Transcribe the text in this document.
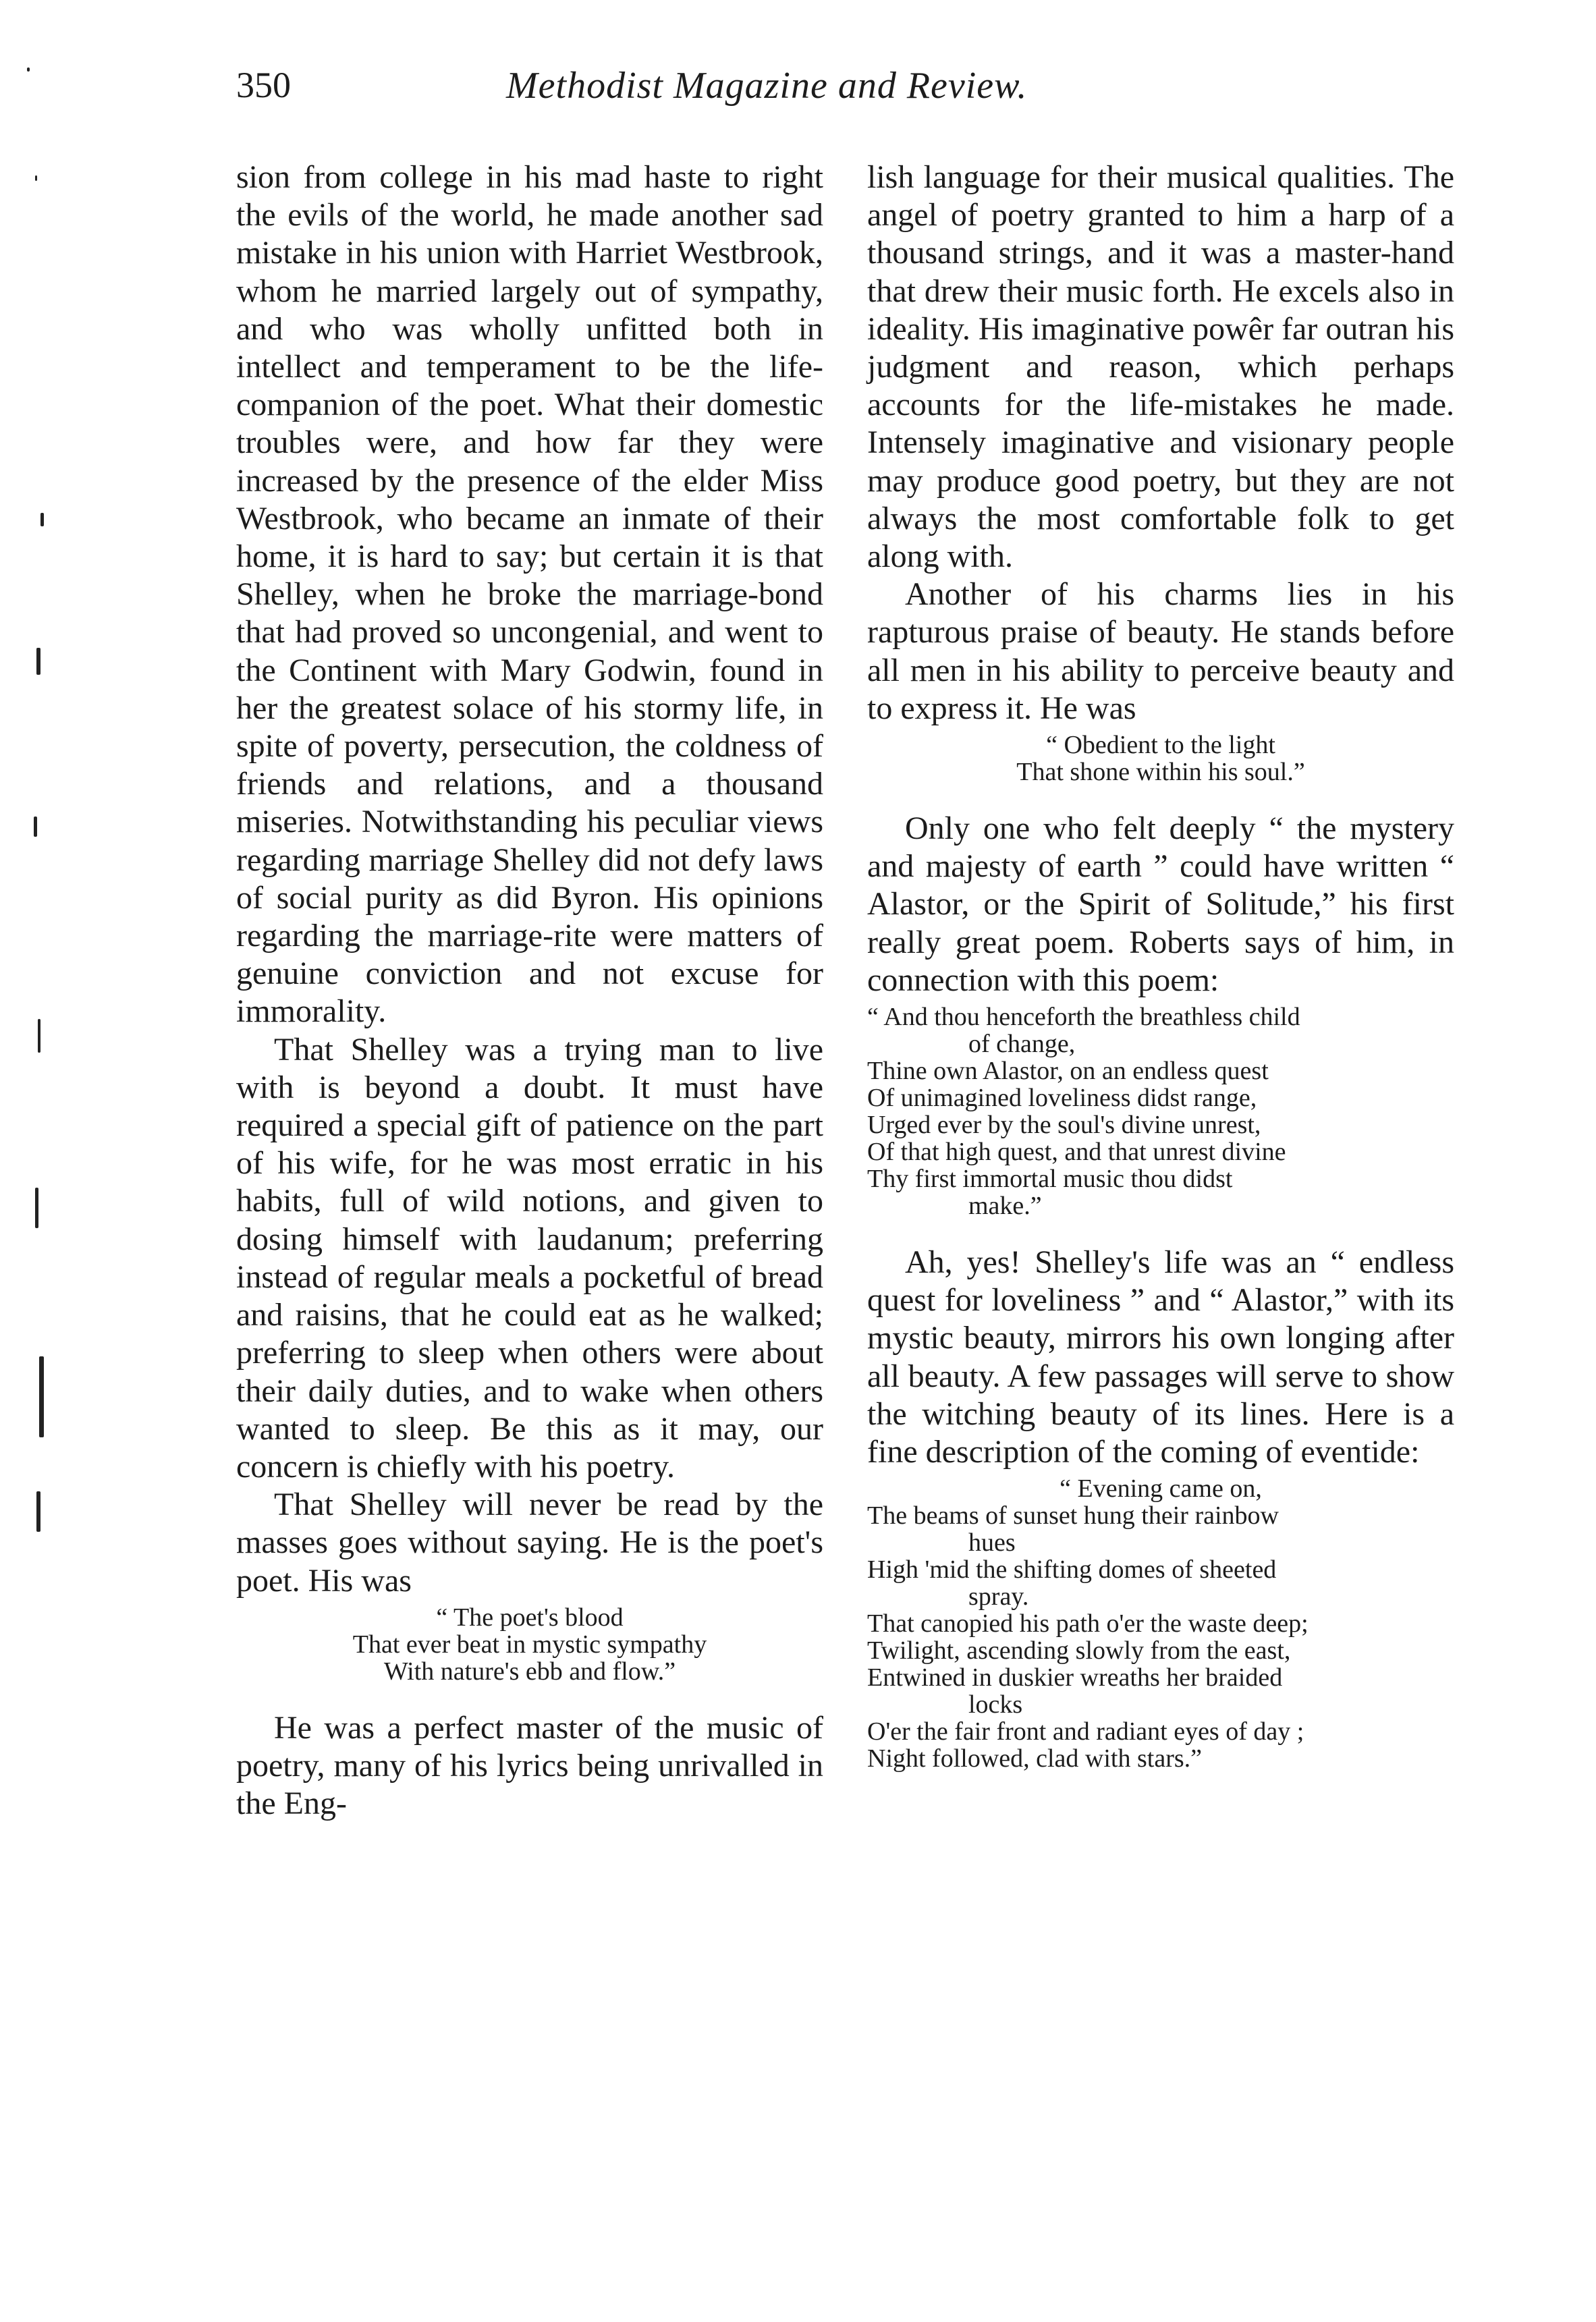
350	Methodist Magazine and Review.

sion from college in his mad haste to right the evils of the world, he made another sad mistake in his union with Harriet Westbrook, whom he married largely out of sympathy, and who was wholly unfitted both in intellect and temperament to be the life-companion of the poet. What their domestic troubles were, and how far they were increased by the presence of the elder Miss Westbrook, who became an inmate of their home, it is hard to say; but certain it is that Shelley, when he broke the marriage-bond that had proved so uncongenial, and went to the Continent with Mary Godwin, found in her the greatest solace of his stormy life, in spite of poverty, persecution, the coldness of friends and relations, and a thousand miseries. Notwithstanding his peculiar views regarding marriage Shelley did not defy laws of social purity as did Byron. His opinions regarding the marriage-rite were matters of genuine conviction and not excuse for immorality.

That Shelley was a trying man to live with is beyond a doubt. It must have required a special gift of patience on the part of his wife, for he was most erratic in his habits, full of wild notions, and given to dosing himself with laudanum; preferring instead of regular meals a pocketful of bread and raisins, that he could eat as he walked; preferring to sleep when others were about their daily duties, and to wake when others wanted to sleep. Be this as it may, our concern is chiefly with his poetry.

That Shelley will never be read by the masses goes without saying. He is the poet's poet. His was

“ The poet's blood
That ever beat in mystic sympathy
With nature's ebb and flow.”

He was a perfect master of the music of poetry, many of his lyrics being unrivalled in the Eng-

lish language for their musical qualities. The angel of poetry granted to him a harp of a thousand strings, and it was a master-hand that drew their music forth. He excels also in ideality. His imaginative powêr far outran his judgment and reason, which perhaps accounts for the life-mistakes he made. Intensely imaginative and visionary people may produce good poetry, but they are not always the most comfortable folk to get along with.

Another of his charms lies in his rapturous praise of beauty. He stands before all men in his ability to perceive beauty and to express it. He was

“ Obedient to the light
That shone within his soul.”

Only one who felt deeply “ the mystery and majesty of earth ” could have written “ Alastor, or the Spirit of Solitude,” his first really great poem. Roberts says of him, in connection with this poem:

“ And thou henceforth the breathless child
of change,
Thine own Alastor, on an endless quest
Of unimagined loveliness didst range,
Urged ever by the soul's divine unrest,
Of that high quest, and that unrest divine
Thy first immortal music thou didst
make.”

Ah, yes! Shelley's life was an “ endless quest for loveliness ” and “ Alastor,” with its mystic beauty, mirrors his own longing after all beauty. A few passages will serve to show the witching beauty of its lines. Here is a fine description of the coming of eventide:

“ Evening came on,
The beams of sunset hung their rainbow
hues
High 'mid the shifting domes of sheeted
spray.
That canopied his path o'er the waste deep;
Twilight, ascending slowly from the east,
Entwined in duskier wreaths her braided
locks
O'er the fair front and radiant eyes of day ;
Night followed, clad with stars.”
